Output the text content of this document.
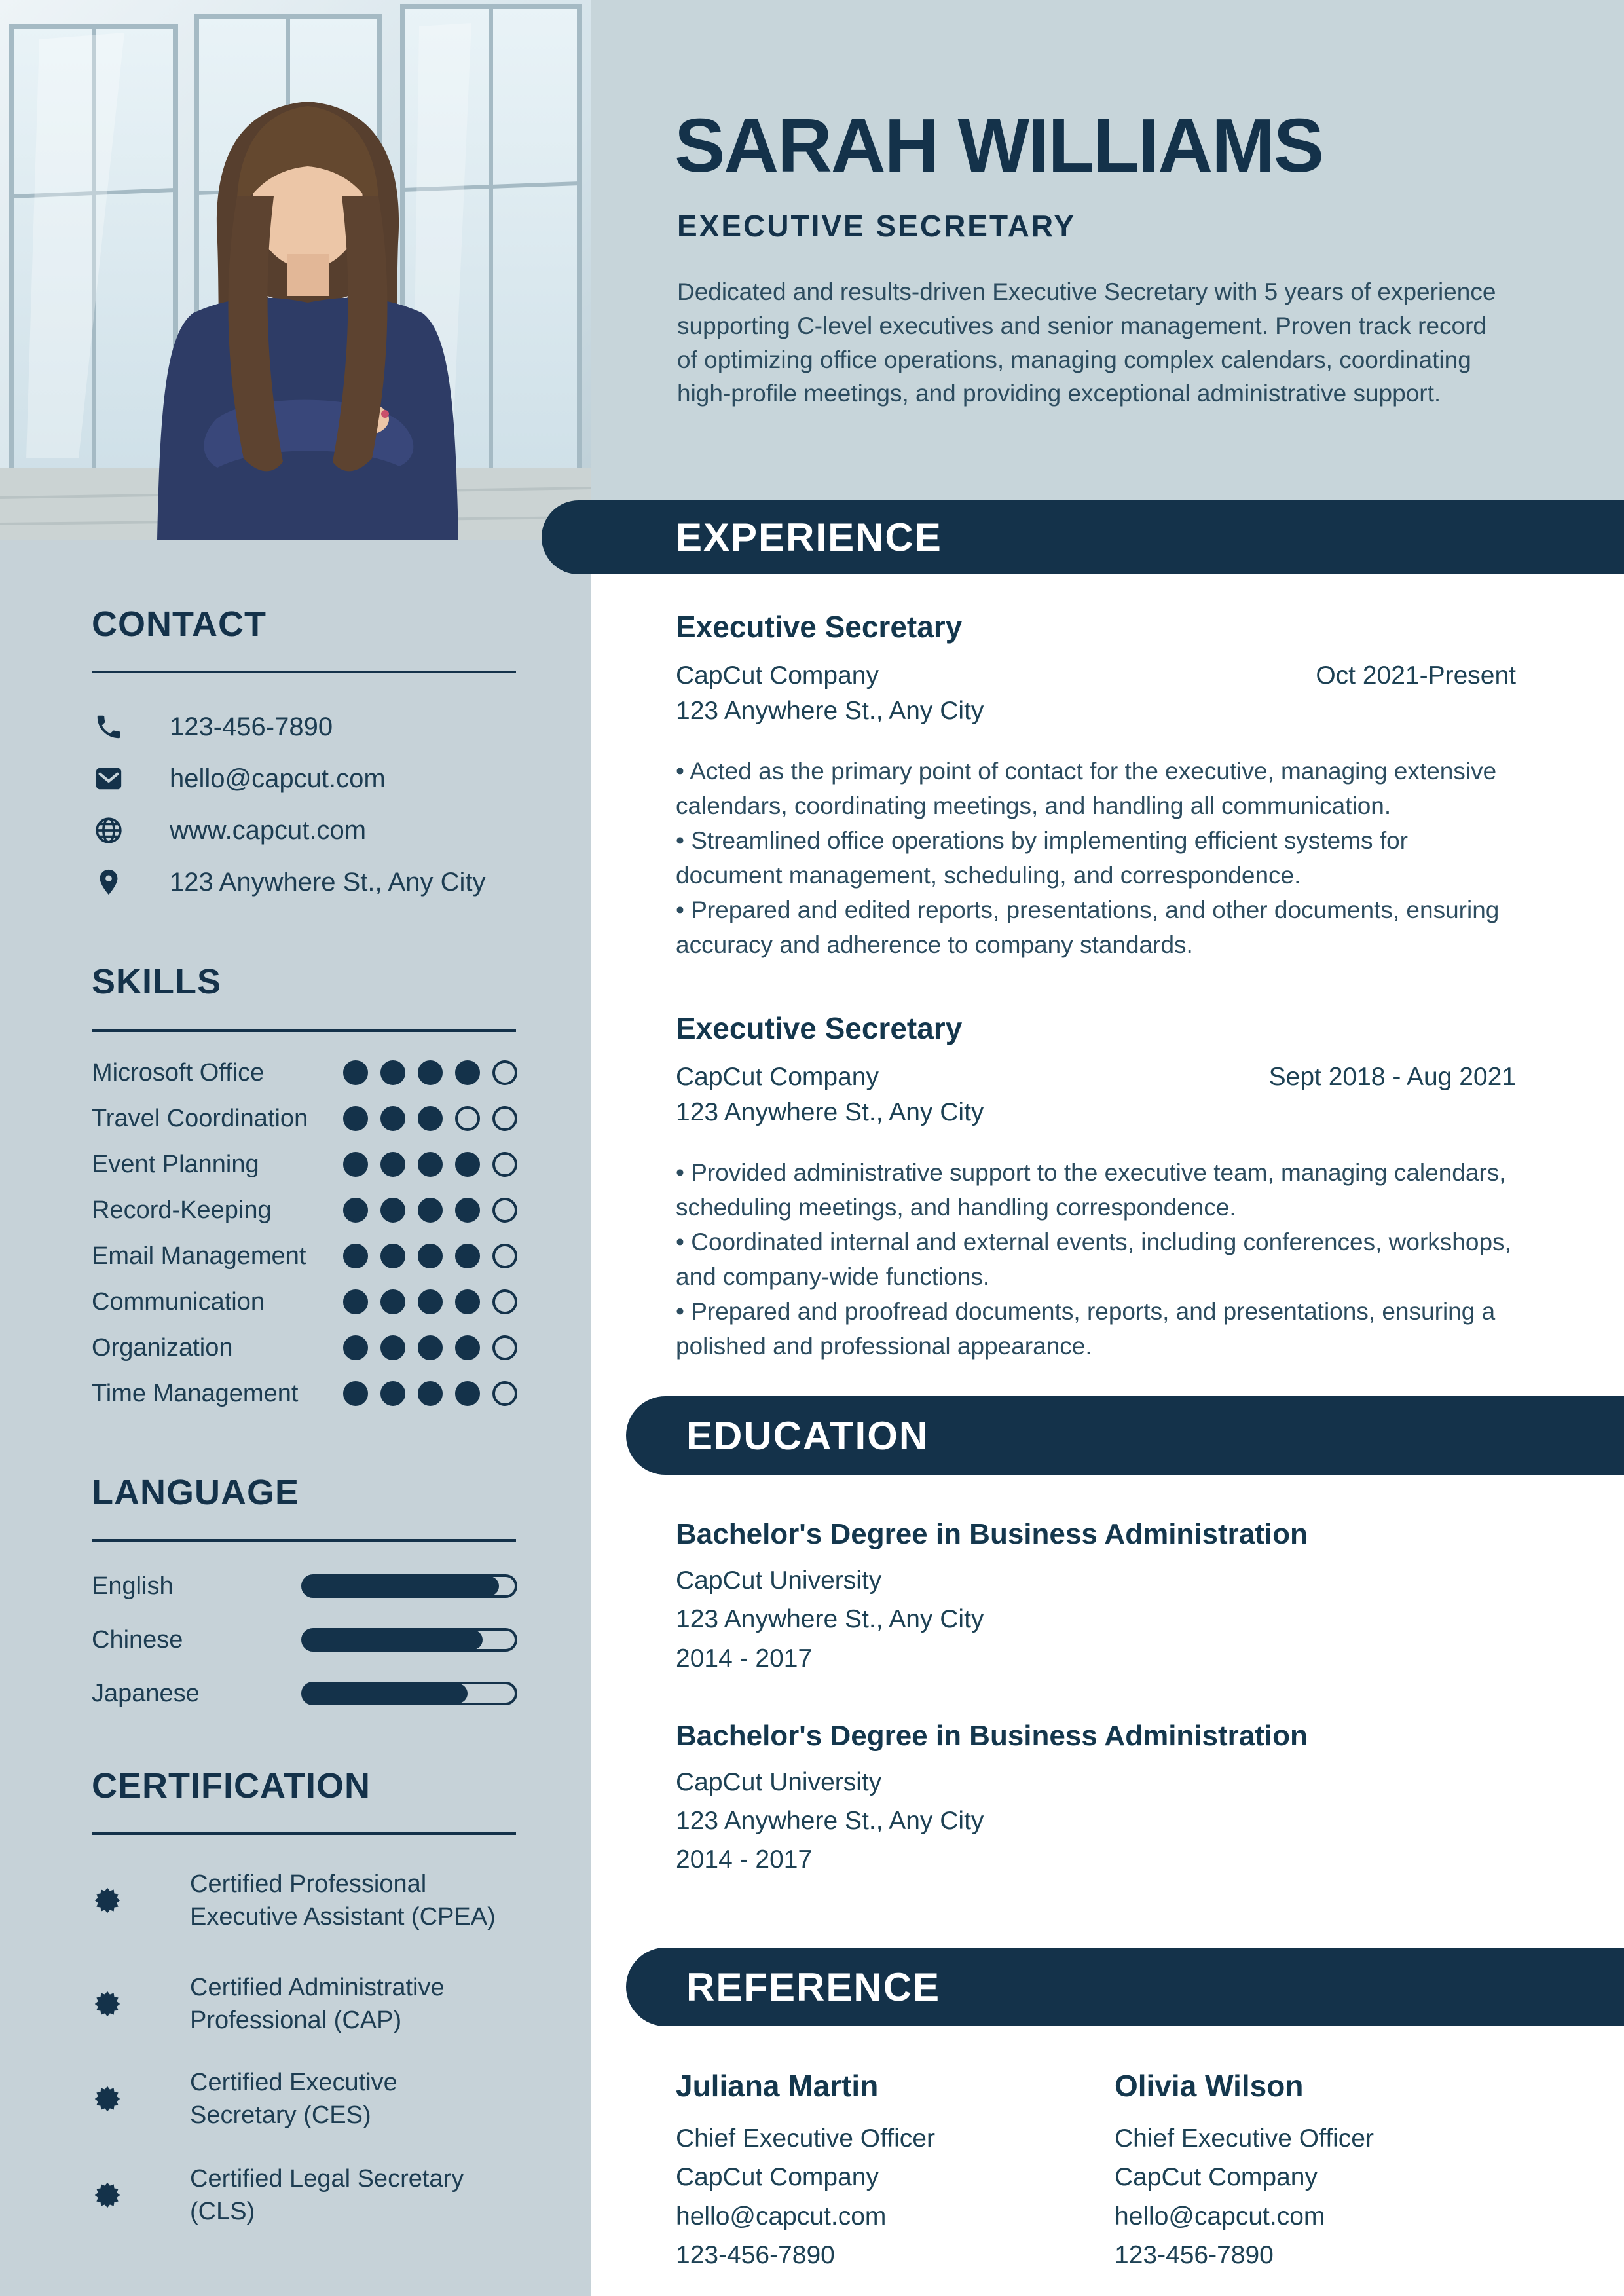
CONTACT
123-456-7890
hello@capcut.com
www.capcut.com
123 Anywhere St., Any City
SKILLS
Microsoft Office
Travel Coordination
Event Planning
Record-Keeping
Email Management
Communication
Organization
Time Management
LANGUAGE
English
Chinese
Japanese
CERTIFICATION
Certified Professional Executive Assistant (CPEA)
Certified Administrative Professional (CAP)
Certified Executive Secretary (CES)
Certified Legal Secretary (CLS)
SARAH WILLIAMS
EXECUTIVE SECRETARY
Dedicated and results-driven Executive Secretary with 5 years of experience supporting C-level executives and senior management. Proven track record of optimizing office operations, managing complex calendars, coordinating high-profile meetings, and providing exceptional administrative support.
EXPERIENCE
Executive Secretary
CapCut Company	Oct 2021-Present
123 Anywhere St., Any City
• Acted as the primary point of contact for the executive, managing extensive calendars, coordinating meetings, and handling all communication.
• Streamlined office operations by implementing efficient systems for document management, scheduling, and correspondence.
• Prepared and edited reports, presentations, and other documents, ensuring accuracy and adherence to company standards.
Executive Secretary
CapCut Company	Sept 2018 - Aug 2021
123 Anywhere St., Any City
• Provided administrative support to the executive team, managing calendars, scheduling meetings, and handling correspondence.
• Coordinated internal and external events, including conferences, workshops, and company-wide functions.
• Prepared and proofread documents, reports, and presentations, ensuring a polished and professional appearance.
EDUCATION
Bachelor's Degree in Business Administration
CapCut University
123 Anywhere St., Any City
2014 - 2017
Bachelor's Degree in Business Administration
CapCut University
123 Anywhere St., Any City
2014 - 2017
REFERENCE
Juliana Martin
Chief Executive Officer
CapCut Company
hello@capcut.com
123-456-7890
Olivia Wilson
Chief Executive Officer
CapCut Company
hello@capcut.com
123-456-7890
